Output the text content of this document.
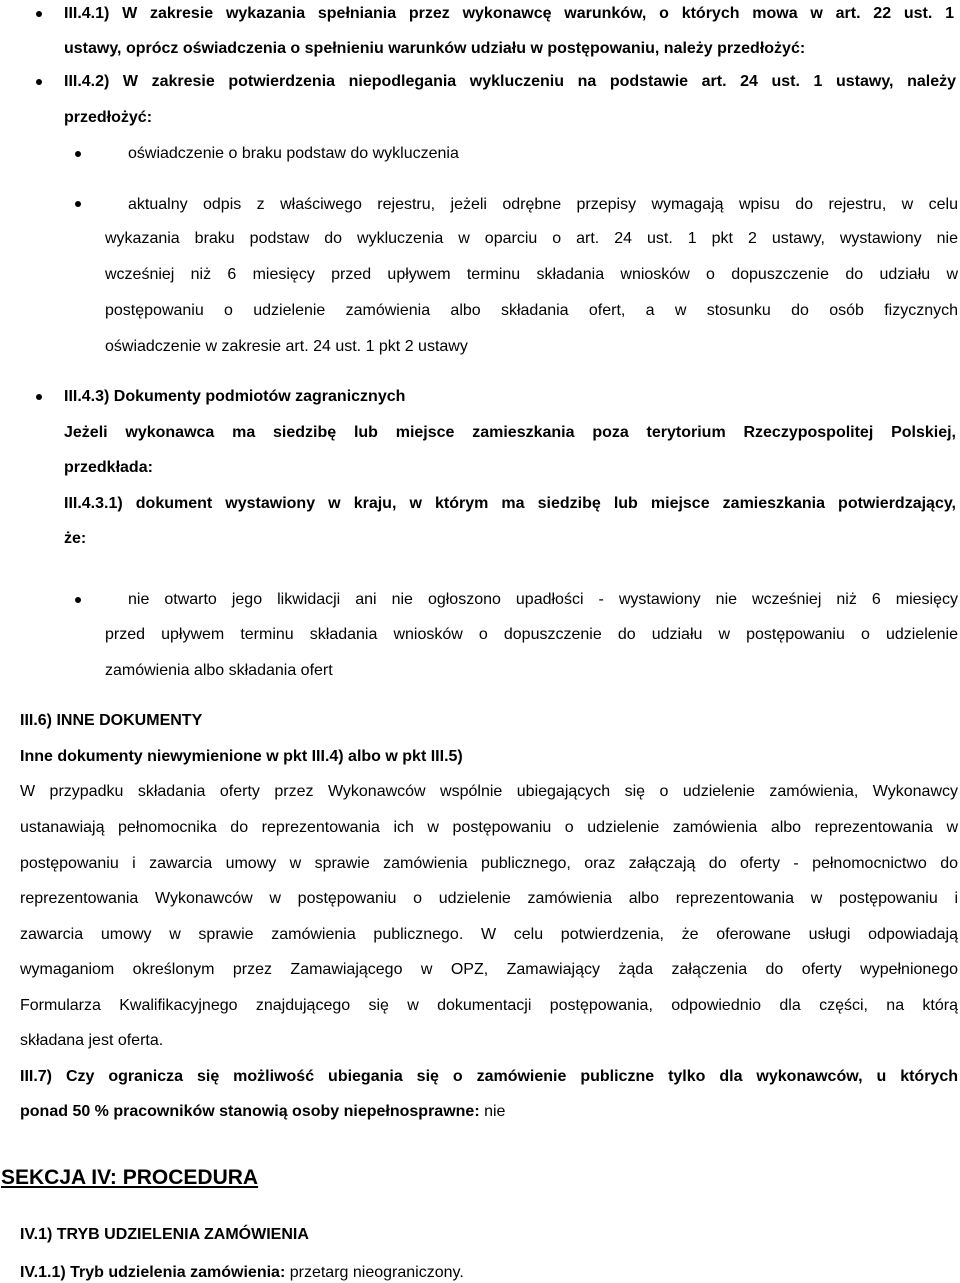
III.4.1) W zakresie wykazania spełniania przez wykonawcę warunków, o których mowa w art. 22 ust. 1
ustawy, oprócz oświadczenia o spełnieniu warunków udziału w postępowaniu, należy przedłożyć:
III.4.2) W zakresie potwierdzenia niepodlegania wykluczeniu na podstawie art. 24 ust. 1 ustawy, należy
przedłożyć:
oświadczenie o braku podstaw do wykluczenia
aktualny odpis z właściwego rejestru, jeżeli odrębne przepisy wymagają wpisu do rejestru, w celu
wykazania braku podstaw do wykluczenia w oparciu o art. 24 ust. 1 pkt 2 ustawy, wystawiony nie
wcześniej niż 6 miesięcy przed upływem terminu składania wniosków o dopuszczenie do udziału w
postępowaniu o udzielenie zamówienia albo składania ofert, a w stosunku do osób fizycznych
oświadczenie w zakresie art. 24 ust. 1 pkt 2 ustawy
III.4.3) Dokumenty podmiotów zagranicznych
Jeżeli wykonawca ma siedzibę lub miejsce zamieszkania poza terytorium Rzeczypospolitej Polskiej,
przedkłada:
III.4.3.1) dokument wystawiony w kraju, w którym ma siedzibę lub miejsce zamieszkania potwierdzający,
że:
nie otwarto jego likwidacji ani nie ogłoszono upadłości - wystawiony nie wcześniej niż 6 miesięcy
przed upływem terminu składania wniosków o dopuszczenie do udziału w postępowaniu o udzielenie
zamówienia albo składania ofert
III.6) INNE DOKUMENTY
Inne dokumenty niewymienione w pkt III.4) albo w pkt III.5)
W przypadku składania oferty przez Wykonawców wspólnie ubiegających się o udzielenie zamówienia, Wykonawcy
ustanawiają pełnomocnika do reprezentowania ich w postępowaniu o udzielenie zamówienia albo reprezentowania w
postępowaniu i zawarcia umowy w sprawie zamówienia publicznego, oraz załączają do oferty - pełnomocnictwo do
reprezentowania Wykonawców w postępowaniu o udzielenie zamówienia albo reprezentowania w postępowaniu i
zawarcia umowy w sprawie zamówienia publicznego. W celu potwierdzenia, że oferowane usługi odpowiadają
wymaganiom określonym przez Zamawiającego w OPZ, Zamawiający żąda załączenia do oferty wypełnionego
Formularza Kwalifikacyjnego znajdującego się w dokumentacji postępowania, odpowiednio dla części, na którą
składana jest oferta.
III.7) Czy ogranicza się możliwość ubiegania się o zamówienie publiczne tylko dla wykonawców, u których
ponad 50 % pracowników stanowią osoby niepełnosprawne: nie
SEKCJA IV: PROCEDURA
IV.1) TRYB UDZIELENIA ZAMÓWIENIA
IV.1.1) Tryb udzielenia zamówienia: przetarg nieograniczony.
